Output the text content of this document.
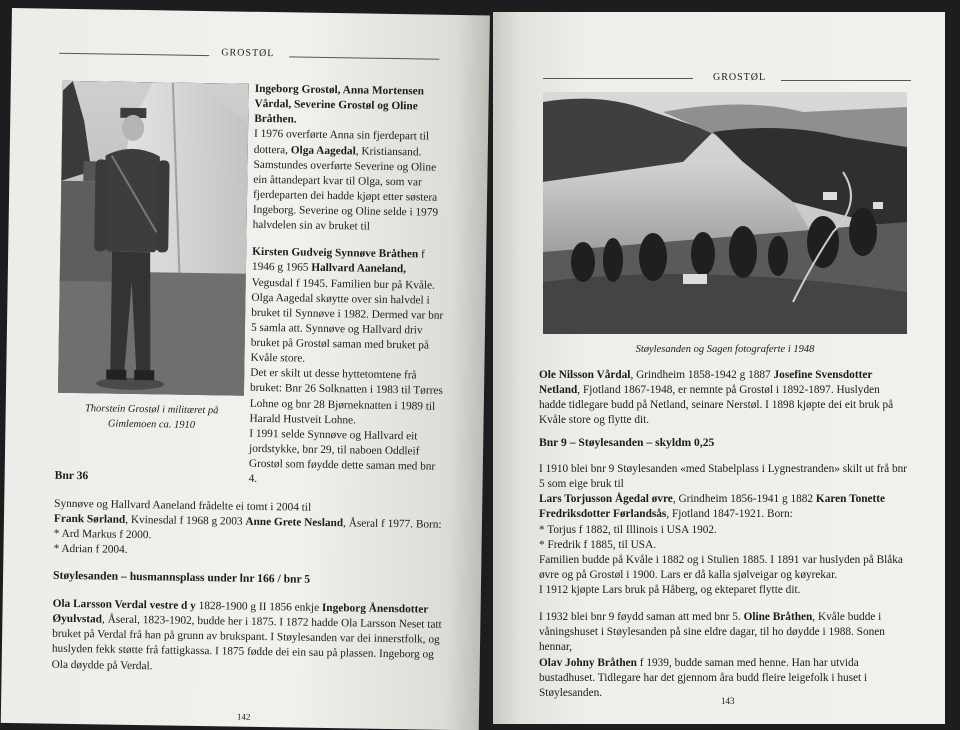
GROSTØL
Thorstein Grostøl i militæret på Gimlemoen ca. 1910

Ingeborg Grostøl, Anna Mortensen Vårdal, Severine Grostøl og Oline Bråthen.

I 1976 overførte Anna sin fjerdepart til dottera, Olga Aagedal, Kristiansand. Samstundes overførte Severine og Oline ein åttandepart kvar til Olga, som var fjerdeparten dei hadde kjøpt etter søstera Ingeborg. Severine og Oline selde i 1979 halvdelen sin av bruket til

Kirsten Gudveig Synnøve Bråthen f 1946 g 1965 Hallvard Aaneland, Vegusdal f 1945. Familien bur på Kvåle. Olga Aagedal skøytte over sin halvdel i bruket til Synnøve i 1982. Dermed var bnr 5 samla att. Synnøve og Hallvard driv bruket på Grostøl saman med bruket på Kvåle store.

Det er skilt ut desse hyttetomtene frå bruket: Bnr 26 Solknatten i 1983 til Tørres Lohne og bnr 28 Bjørneknatten i 1989 til Harald Hustveit Lohne.

I 1991 selde Synnøve og Hallvard eit jordstykke, bnr 29, til naboen Oddleif Grostøl som føydde dette saman med bnr 4.

Bnr 36

Synnøve og Hallvard Aaneland frådelte ei tomt i 2004 til

Frank Sørland, Kvinesdal f 1968 g 2003 Anne Grete Nesland, Åseral f 1977. Born:

* Ard Markus f 2000.

* Adrian f 2004.

Støylesanden – husmannsplass under lnr 166 / bnr 5

Ola Larsson Verdal vestre d y 1828-1900 g II 1856 enkje Ingeborg Ånensdotter Øyulvstad, Åseral, 1823-1902, budde her i 1875. I 1872 hadde Ola Larsson Neset tatt bruket på Verdal frå han på grunn av brukspant. I Støylesanden var dei innerstfolk, og huslyden fekk støtte frå fattigkassa. I 1875 fødde dei ein sau på plassen. Ingeborg og Ola døydde på Verdal.

142
GROSTØL
Støylesanden og Sagen fotograferte i 1948

Ole Nilsson Vårdal, Grindheim 1858-1942 g 1887 Josefine Svensdotter Netland, Fjotland 1867-1948, er nemnte på Grostøl i 1892-1897. Huslyden hadde tidlegare budd på Netland, seinare Nerstøl. I 1898 kjøpte dei eit bruk på Kvåle store og flytte dit.

Bnr 9 – Støylesanden – skyldm 0,25

I 1910 blei bnr 9 Støylesanden «med Stabelplass i Lygnestranden» skilt ut frå bnr 5 som eige bruk til

Lars Torjusson Ågedal øvre, Grindheim 1856-1941 g 1882 Karen Tonette Fredriksdotter Førlandsås, Fjotland 1847-1921. Born:

* Torjus f 1882, til Illinois i USA 1902.

* Fredrik f 1885, til USA.

Familien budde på Kvåle i 1882 og i Stulien 1885. I 1891 var huslyden på Blåka øvre og på Grostøl i 1900. Lars er då kalla sjølveigar og køyrekar.

I 1912 kjøpte Lars bruk på Håberg, og ekteparet flytte dit.

I 1932 blei bnr 9 føydd saman att med bnr 5. Oline Bråthen, Kvåle budde i våningshuset i Støylesanden på sine eldre dagar, til ho døydde i 1988. Sonen hennar,

Olav Johny Bråthen f 1939, budde saman med henne. Han har utvida bustadhuset. Tidlegare har det gjennom åra budd fleire leigefolk i huset i Støylesanden.

143
